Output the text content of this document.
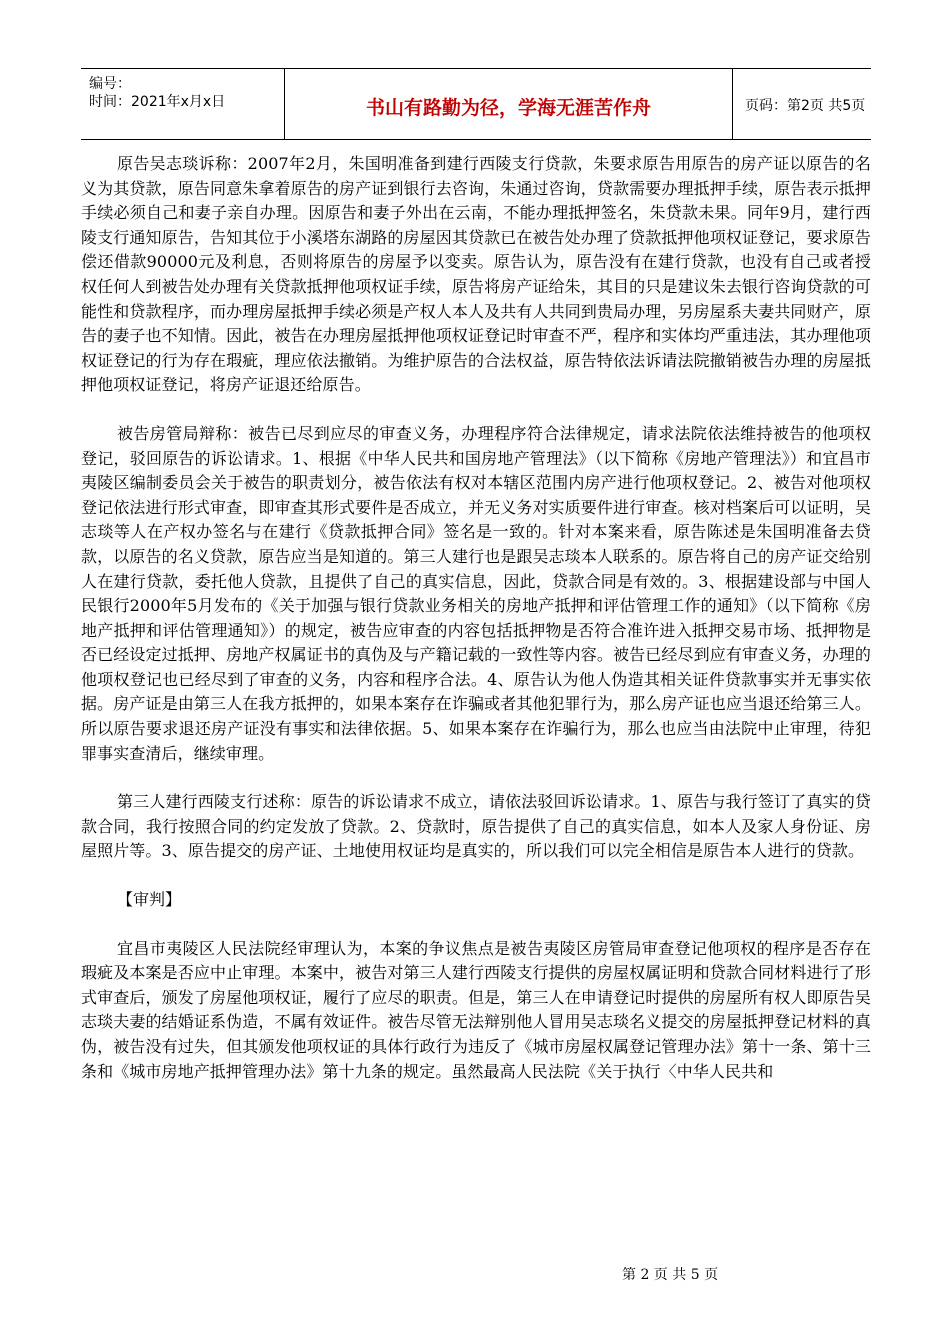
编号：
时间：2021年x月x日	书山有路勤为径，学海无涯苦作舟	页码：第2页 共5页

原告吴志琰诉称：2007年2月，朱国明准备到建行西陵支行贷款，朱要求原告用原告的房产证以原告的名义为其贷款，原告同意朱拿着原告的房产证到银行去咨询，朱通过咨询，贷款需要办理抵押手续，原告表示抵押手续必须自己和妻子亲自办理。因原告和妻子外出在云南，不能办理抵押签名，朱贷款未果。同年9月，建行西陵支行通知原告，告知其位于小溪塔东湖路的房屋因其贷款已在被告处办理了贷款抵押他项权证登记，要求原告偿还借款90000元及利息，否则将原告的房屋予以变卖。原告认为，原告没有在建行贷款，也没有自己或者授权任何人到被告处办理有关贷款抵押他项权证手续，原告将房产证给朱，其目的只是建议朱去银行咨询贷款的可能性和贷款程序，而办理房屋抵押手续必须是产权人本人及共有人共同到贵局办理，另房屋系夫妻共同财产，原告的妻子也不知情。因此，被告在办理房屋抵押他项权证登记时审查不严，程序和实体均严重违法，其办理他项权证登记的行为存在瑕疵，理应依法撤销。为维护原告的合法权益，原告特依法诉请法院撤销被告办理的房屋抵押他项权证登记，将房产证退还给原告。

被告房管局辩称：被告已尽到应尽的审查义务，办理程序符合法律规定，请求法院依法维持被告的他项权登记，驳回原告的诉讼请求。1、根据《中华人民共和国房地产管理法》（以下简称《房地产管理法》）和宜昌市夷陵区编制委员会关于被告的职责划分，被告依法有权对本辖区范围内房产进行他项权登记。2、被告对他项权登记依法进行形式审查，即审查其形式要件是否成立，并无义务对实质要件进行审查。核对档案后可以证明，吴志琰等人在产权办签名与在建行《贷款抵押合同》签名是一致的。针对本案来看，原告陈述是朱国明准备去贷款，以原告的名义贷款，原告应当是知道的。第三人建行也是跟吴志琰本人联系的。原告将自己的房产证交给别人在建行贷款，委托他人贷款，且提供了自己的真实信息，因此，贷款合同是有效的。3、根据建设部与中国人民银行2000年5月发布的《关于加强与银行贷款业务相关的房地产抵押和评估管理工作的通知》（以下简称《房地产抵押和评估管理通知》）的规定，被告应审查的内容包括抵押物是否符合准许进入抵押交易市场、抵押物是否已经设定过抵押、房地产权属证书的真伪及与产籍记载的一致性等内容。被告已经尽到应有审查义务，办理的他项权登记也已经尽到了审查的义务，内容和程序合法。4、原告认为他人伪造其相关证件贷款事实并无事实依据。房产证是由第三人在我方抵押的，如果本案存在诈骗或者其他犯罪行为，那么房产证也应当退还给第三人。所以原告要求退还房产证没有事实和法律依据。5、如果本案存在诈骗行为，那么也应当由法院中止审理，待犯罪事实查清后，继续审理。

第三人建行西陵支行述称：原告的诉讼请求不成立，请依法驳回诉讼请求。1、原告与我行签订了真实的贷款合同，我行按照合同的约定发放了贷款。2、贷款时，原告提供了自己的真实信息，如本人及家人身份证、房屋照片等。3、原告提交的房产证、土地使用权证均是真实的，所以我们可以完全相信是原告本人进行的贷款。

【审判】

宜昌市夷陵区人民法院经审理认为，本案的争议焦点是被告夷陵区房管局审查登记他项权的程序是否存在瑕疵及本案是否应中止审理。本案中，被告对第三人建行西陵支行提供的房屋权属证明和贷款合同材料进行了形式审查后，颁发了房屋他项权证，履行了应尽的职责。但是，第三人在申请登记时提供的房屋所有权人即原告吴志琰夫妻的结婚证系伪造，不属有效证件。被告尽管无法辩别他人冒用吴志琰名义提交的房屋抵押登记材料的真伪，被告没有过失，但其颁发他项权证的具体行政行为违反了《城市房屋权属登记管理办法》第十一条、第十三条和《城市房地产抵押管理办法》第十九条的规定。虽然最高人民法院《关于执行〈中华人民共和

第 2 页 共 5 页
